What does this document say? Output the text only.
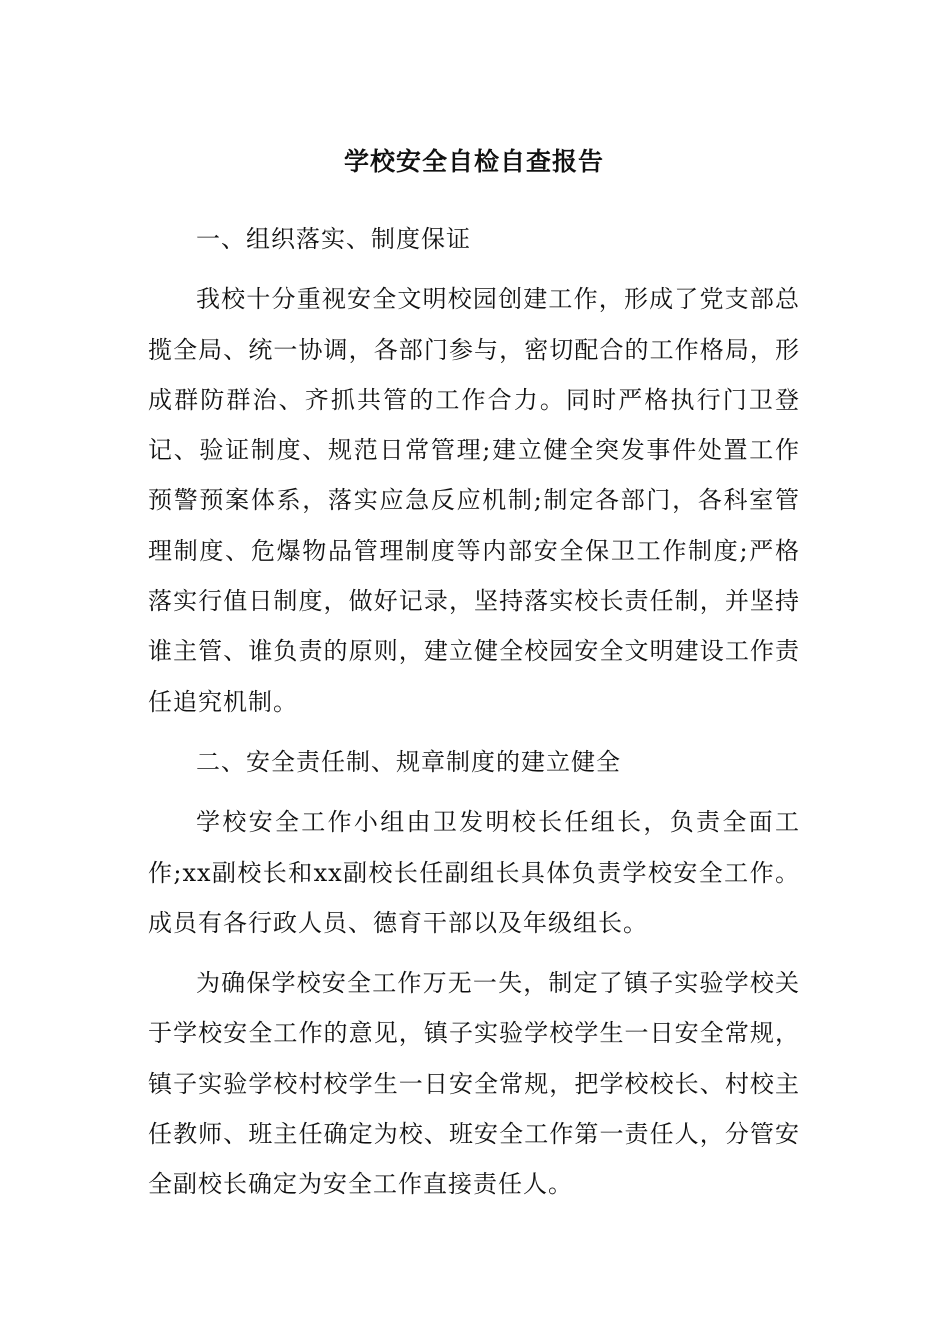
学校安全自检自查报告

一、组织落实、制度保证

我校十分重视安全文明校园创建工作，形成了党支部总揽全局、统一协调，各部门参与，密切配合的工作格局，形成群防群治、齐抓共管的工作合力。同时严格执行门卫登记、验证制度、规范日常管理;建立健全突发事件处置工作预警预案体系，落实应急反应机制;制定各部门，各科室管理制度、危爆物品管理制度等内部安全保卫工作制度;严格落实行值日制度，做好记录，坚持落实校长责任制，并坚持谁主管、谁负责的原则，建立健全校园安全文明建设工作责任追究机制。

二、安全责任制、规章制度的建立健全

学校安全工作小组由卫发明校长任组长，负责全面工作;xx副校长和xx副校长任副组长具体负责学校安全工作。成员有各行政人员、德育干部以及年级组长。

为确保学校安全工作万无一失，制定了镇子实验学校关于学校安全工作的意见，镇子实验学校学生一日安全常规，镇子实验学校村校学生一日安全常规，把学校校长、村校主任教师、班主任确定为校、班安全工作第一责任人，分管安全副校长确定为安全工作直接责任人。
